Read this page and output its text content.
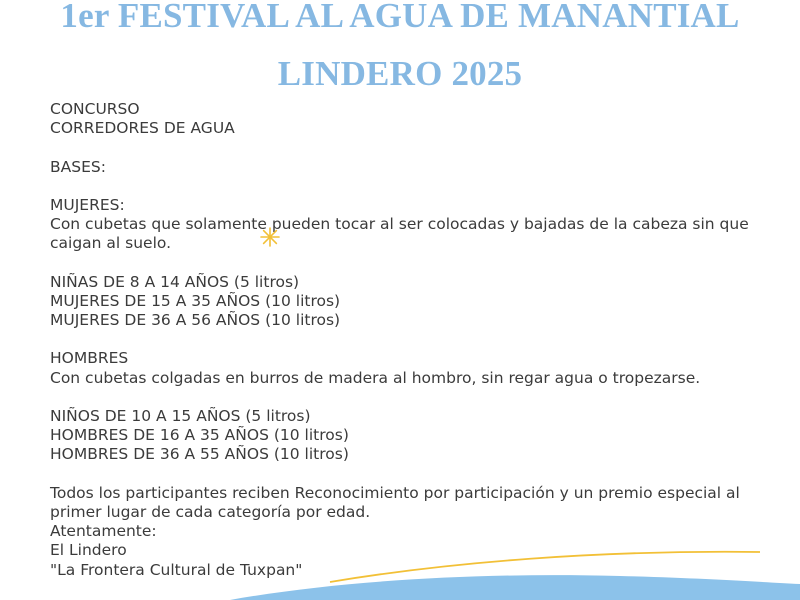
1er FESTIVAL AL AGUA DE MANANTIAL
LINDERO 2025
CONCURSO
CORREDORES DE AGUA
BASES:
MUJERES:
Con cubetas que solamente pueden tocar al ser colocadas y bajadas de la cabeza sin que caigan al suelo.
NIÑAS DE 8 A 14 AÑOS (5 litros)
MUJERES DE 15 A 35 AÑOS (10 litros)
MUJERES DE 36 A 56 AÑOS (10 litros)
HOMBRES
Con cubetas colgadas en burros de madera al hombro, sin regar agua o tropezarse.
NIÑOS DE 10 A 15 AÑOS (5 litros)
HOMBRES DE 16 A 35 AÑOS (10 litros)
HOMBRES DE 36 A 55 AÑOS (10 litros)
Todos los participantes reciben Reconocimiento por participación y un premio especial al primer lugar de cada categoría por edad.
Atentamente:
El Lindero
"La Frontera Cultural de Tuxpan"
